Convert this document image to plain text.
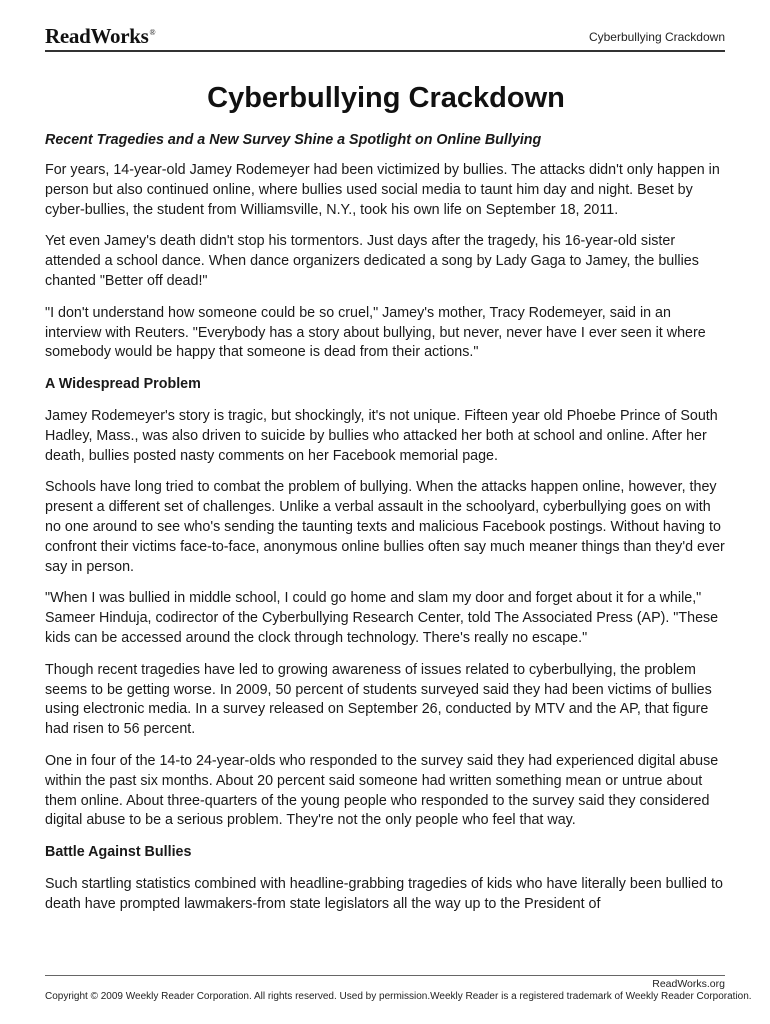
ReadWorks®	Cyberbullying Crackdown
Cyberbullying Crackdown

Recent Tragedies and a New Survey Shine a Spotlight on Online Bullying

For years, 14-year-old Jamey Rodemeyer had been victimized by bullies. The attacks didn't only happen in person but also continued online, where bullies used social media to taunt him day and night. Beset by cyber-bullies, the student from Williamsville, N.Y., took his own life on September 18, 2011.

Yet even Jamey's death didn't stop his tormentors. Just days after the tragedy, his 16-year-old sister attended a school dance. When dance organizers dedicated a song by Lady Gaga to Jamey, the bullies chanted "Better off dead!"

"I don't understand how someone could be so cruel," Jamey's mother, Tracy Rodemeyer, said in an interview with Reuters. "Everybody has a story about bullying, but never, never have I ever seen it where somebody would be happy that someone is dead from their actions."

A Widespread Problem

Jamey Rodemeyer's story is tragic, but shockingly, it's not unique. Fifteen year old Phoebe Prince of South Hadley, Mass., was also driven to suicide by bullies who attacked her both at school and online. After her death, bullies posted nasty comments on her Facebook memorial page.

Schools have long tried to combat the problem of bullying. When the attacks happen online, however, they present a different set of challenges. Unlike a verbal assault in the schoolyard, cyberbullying goes on with no one around to see who's sending the taunting texts and malicious Facebook postings. Without having to confront their victims face-to-face, anonymous online bullies often say much meaner things than they'd ever say in person.

"When I was bullied in middle school, I could go home and slam my door and forget about it for a while," Sameer Hinduja, codirector of the Cyberbullying Research Center, told The Associated Press (AP). "These kids can be accessed around the clock through technology. There's really no escape."

Though recent tragedies have led to growing awareness of issues related to cyberbullying, the problem seems to be getting worse. In 2009, 50 percent of students surveyed said they had been victims of bullies using electronic media. In a survey released on September 26, conducted by MTV and the AP, that figure had risen to 56 percent.

One in four of the 14-to 24-year-olds who responded to the survey said they had experienced digital abuse within the past six months. About 20 percent said someone had written something mean or untrue about them online. About three-quarters of the young people who responded to the survey said they considered digital abuse to be a serious problem. They're not the only people who feel that way.

Battle Against Bullies

Such startling statistics combined with headline-grabbing tragedies of kids who have literally been bullied to death have prompted lawmakers-from state legislators all the way up to the President of

ReadWorks.org
Copyright © 2009 Weekly Reader Corporation. All rights reserved. Used by permission.Weekly Reader is a registered trademark of Weekly Reader Corporation.
